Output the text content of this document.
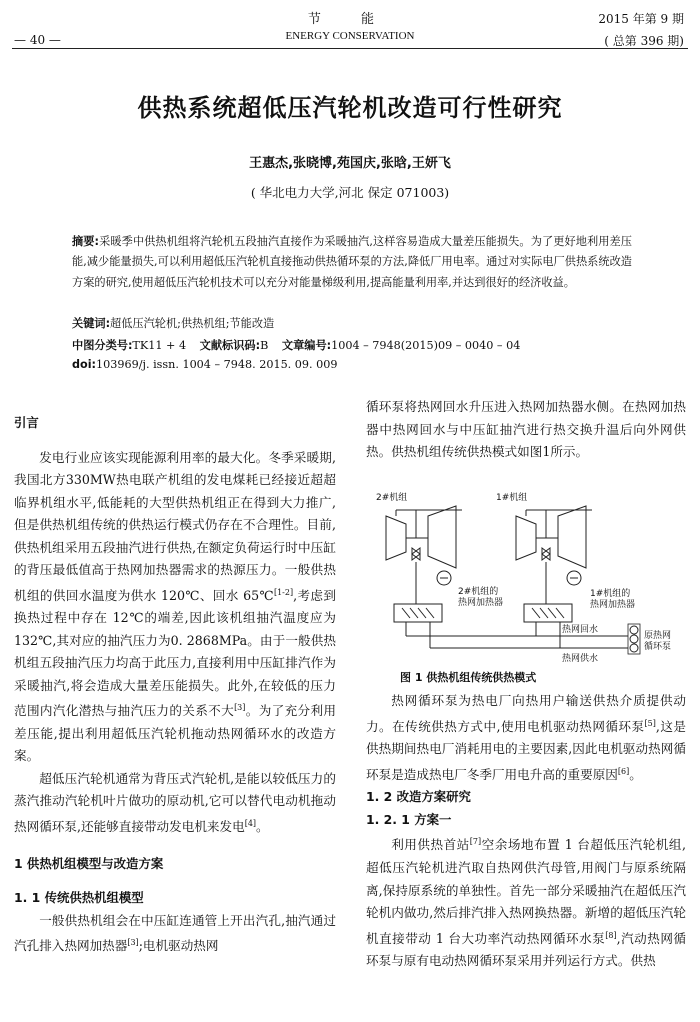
节 能
ENERGY CONSERVATION
— 40 —
2015 年第 9 期
( 总第 396 期)
供热系统超低压汽轮机改造可行性研究
王惠杰,张晓博,苑国庆,张晗,王妍飞
( 华北电力大学,河北 保定 071003)
摘要:采暖季中供热机组将汽轮机五段抽汽直接作为采暖抽汽,这样容易造成大量差压能损失。为了更好地利用差压能,减少能量损失,可以利用超低压汽轮机直接拖动供热循环泵的方法,降低厂用电率。通过对实际电厂供热系统改造方案的研究,使用超低压汽轮机技术可以充分对能量梯级利用,提高能量利用率,并达到很好的经济收益。
关键词:超低压汽轮机;供热机组;节能改造
中图分类号:TK11 + 4 文献标识码:B 文章编号:1004 – 7948(2015)09 – 0040 – 04
doi:103969/j. issn. 1004 – 7948. 2015. 09. 009

引言

发电行业应该实现能源利用率的最大化。冬季采暖期,我国北方330MW热电联产机组的发电煤耗已经接近超超临界机组水平,低能耗的大型供热机组正在得到大力推广,但是供热机组传统的供热运行模式仍存在不合理性。目前,供热机组采用五段抽汽进行供热,在额定负荷运行时中压缸的背压最低值高于热网加热器需求的热源压力。一般供热机组的供回水温度为供水 120℃、回水 65℃[1-2],考虑到换热过程中存在 12℃的端差,因此该机组抽汽温度应为132℃,其对应的抽汽压力为0. 2868MPa。由于一般供热机组五段抽汽压力均高于此压力,直接利用中压缸排汽作为采暖抽汽,将会造成大量差压能损失。此外,在较低的压力范围内汽化潜热与抽汽压力的关系不大[3]。为了充分利用差压能,提出利用超低压汽轮机拖动热网循环水的改造方案。

超低压汽轮机通常为背压式汽轮机,是能以较低压力的蒸汽推动汽轮机叶片做功的原动机,它可以替代电动机拖动热网循环泵,还能够直接带动发电机来发电[4]。

1 供热机组模型与改造方案

1. 1 传统供热机组模型

一般供热机组会在中压缸连通管上开出汽孔,抽汽通过汽孔排入热网加热器[3];电机驱动热网

循环泵将热网回水升压进入热网加热器水侧。在热网加热器中热网回水与中压缸抽汽进行热交换升温后向外网供热。供热机组传统供热模式如图1所示。

2#机组	1#机组
2#机组的
热网加热器
1#机组的
热网加热器
热网回水
热网供水
原热网
循环泵
图 1 供热机组传统供热模式

热网循环泵为热电厂向热用户输送供热介质提供动力。在传统供热方式中,使用电机驱动热网循环泵[5],这是供热期间热电厂消耗用电的主要因素,因此电机驱动热网循环泵是造成热电厂冬季厂用电升高的重要原因[6]。

1. 2 改造方案研究

1. 2. 1 方案一

利用供热首站[7]空余场地布置 1 台超低压汽轮机组,超低压汽轮机进汽取自热网供汽母管,用阀门与原系统隔离,保持原系统的单独性。首先一部分采暖抽汽在超低压汽轮机内做功,然后排汽排入热网换热器。新增的超低压汽轮机直接带动 1 台大功率汽动热网循环水泵[8],汽动热网循环泵与原有电动热网循环泵采用并列运行方式。供热
